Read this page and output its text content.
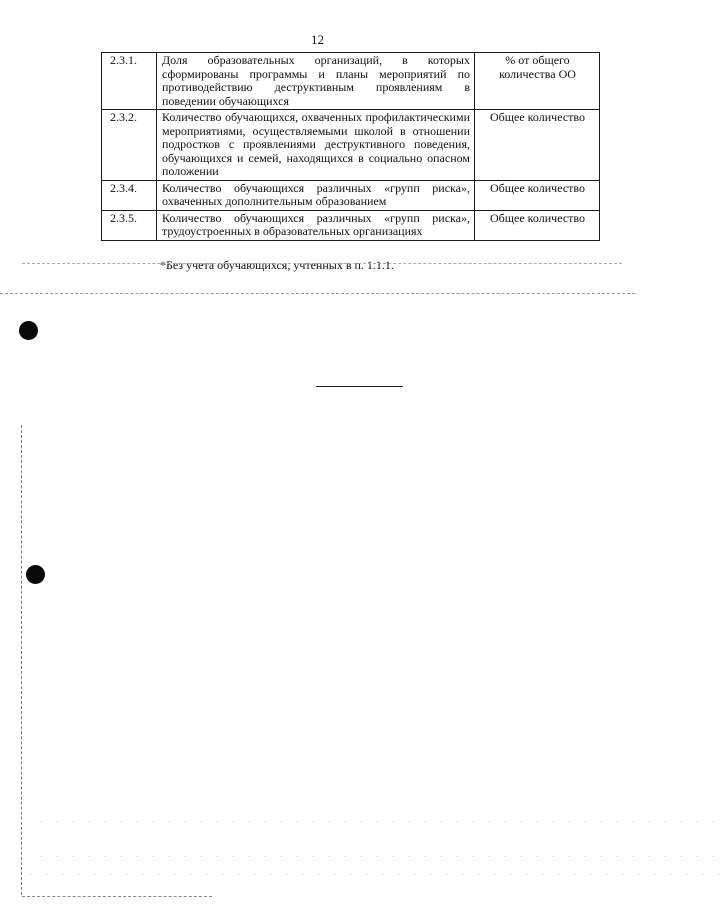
12
2.3.1.	Доля образовательных организаций, в которых сформированы программы и планы мероприятий по противодействию деструктивным проявлениям в поведении обучающихся	% от общего количества ОО
2.3.2.	Количество обучающихся, охваченных профилактическими мероприятиями, осуществляемыми школой в отношении подростков с проявлениями деструктивного поведения, обучающихся и семей, находящихся в социально опасном положении	Общее количество
2.3.4.	Количество обучающихся различных «групп риска», охваченных дополнительным образованием	Общее количество
2.3.5.	Количество обучающихся различных «групп риска», трудоустроенных в образовательных организациях	Общее количество
*Без учета обучающихся, учтенных в п. 1.1.1.
. . . . . . . . . . . . . . . . . . . . . . . . . . . . . . . . . . . . . . . . . . .
. . . . . . . . . . . . . . . . . . . . . . . . . . . . . . . . . . . . . . . . . . .
. . . . . . . . . . . . . . . . . . . . . . . . . . . . . . . . . . . . . . . . . . . .
